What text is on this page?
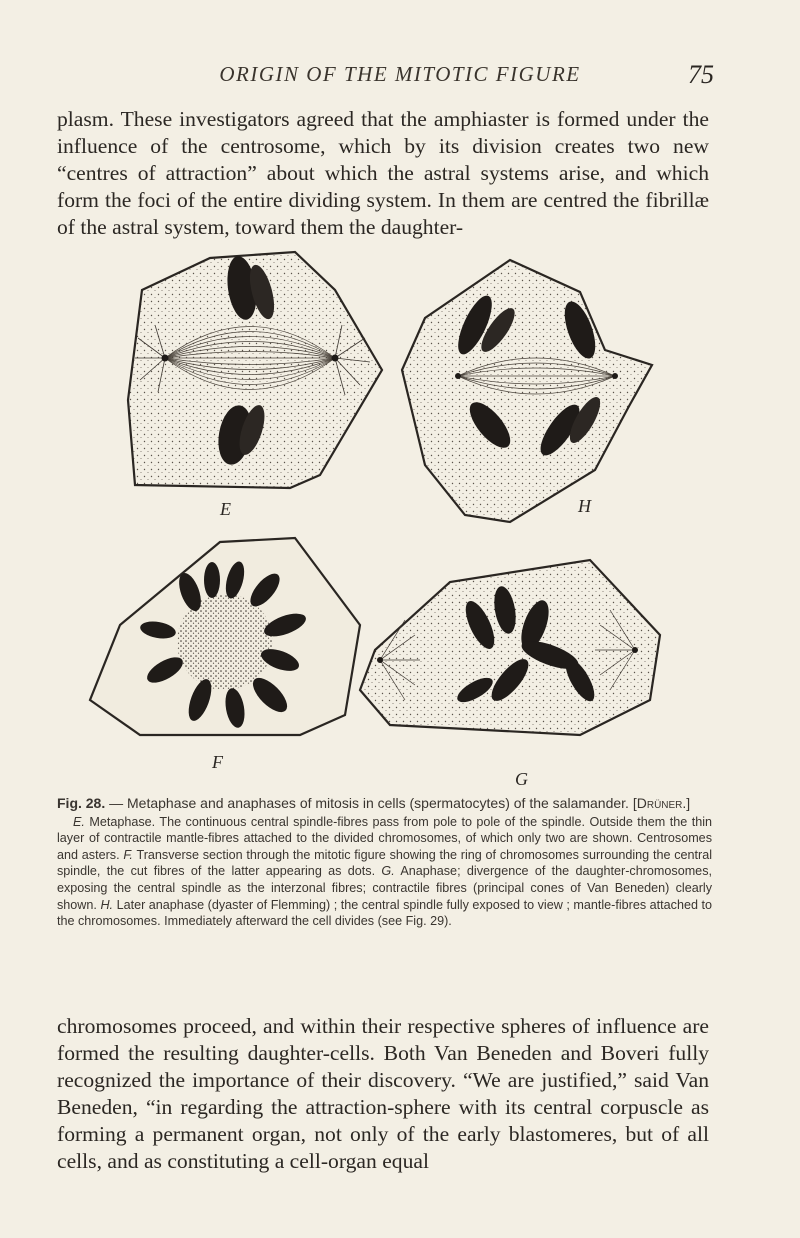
ORIGIN OF THE MITOTIC FIGURE	75
plasm. These investigators agreed that the amphiaster is formed under the influence of the centrosome, which by its division creates two new “centres of attraction” about which the astral systems arise, and which form the foci of the entire dividing system. In them are centred the fibrillæ of the astral system, toward them the daughter-
E	H
F
G
Fig. 28. — Metaphase and anaphases of mitosis in cells (spermatocytes) of the salamander. [Drüner.]
E. Metaphase. The continuous central spindle-fibres pass from pole to pole of the spindle. Outside them the thin layer of contractile mantle-fibres attached to the divided chromosomes, of which only two are shown. Centrosomes and asters. F. Transverse section through the mitotic figure showing the ring of chromosomes surrounding the central spindle, the cut fibres of the latter appearing as dots. G. Anaphase; divergence of the daughter-chromosomes, exposing the central spindle as the interzonal fibres; contractile fibres (principal cones of Van Beneden) clearly shown. H. Later anaphase (dyaster of Flemming) ; the central spindle fully exposed to view ; mantle-fibres attached to the chromosomes. Immediately afterward the cell divides (see Fig. 29).
chromosomes proceed, and within their respective spheres of influence are formed the resulting daughter-cells. Both Van Beneden and Boveri fully recognized the importance of their discovery. “We are justified,” said Van Beneden, “in regarding the attraction-sphere with its central corpuscle as forming a permanent organ, not only of the early blastomeres, but of all cells, and as constituting a cell-organ equal
